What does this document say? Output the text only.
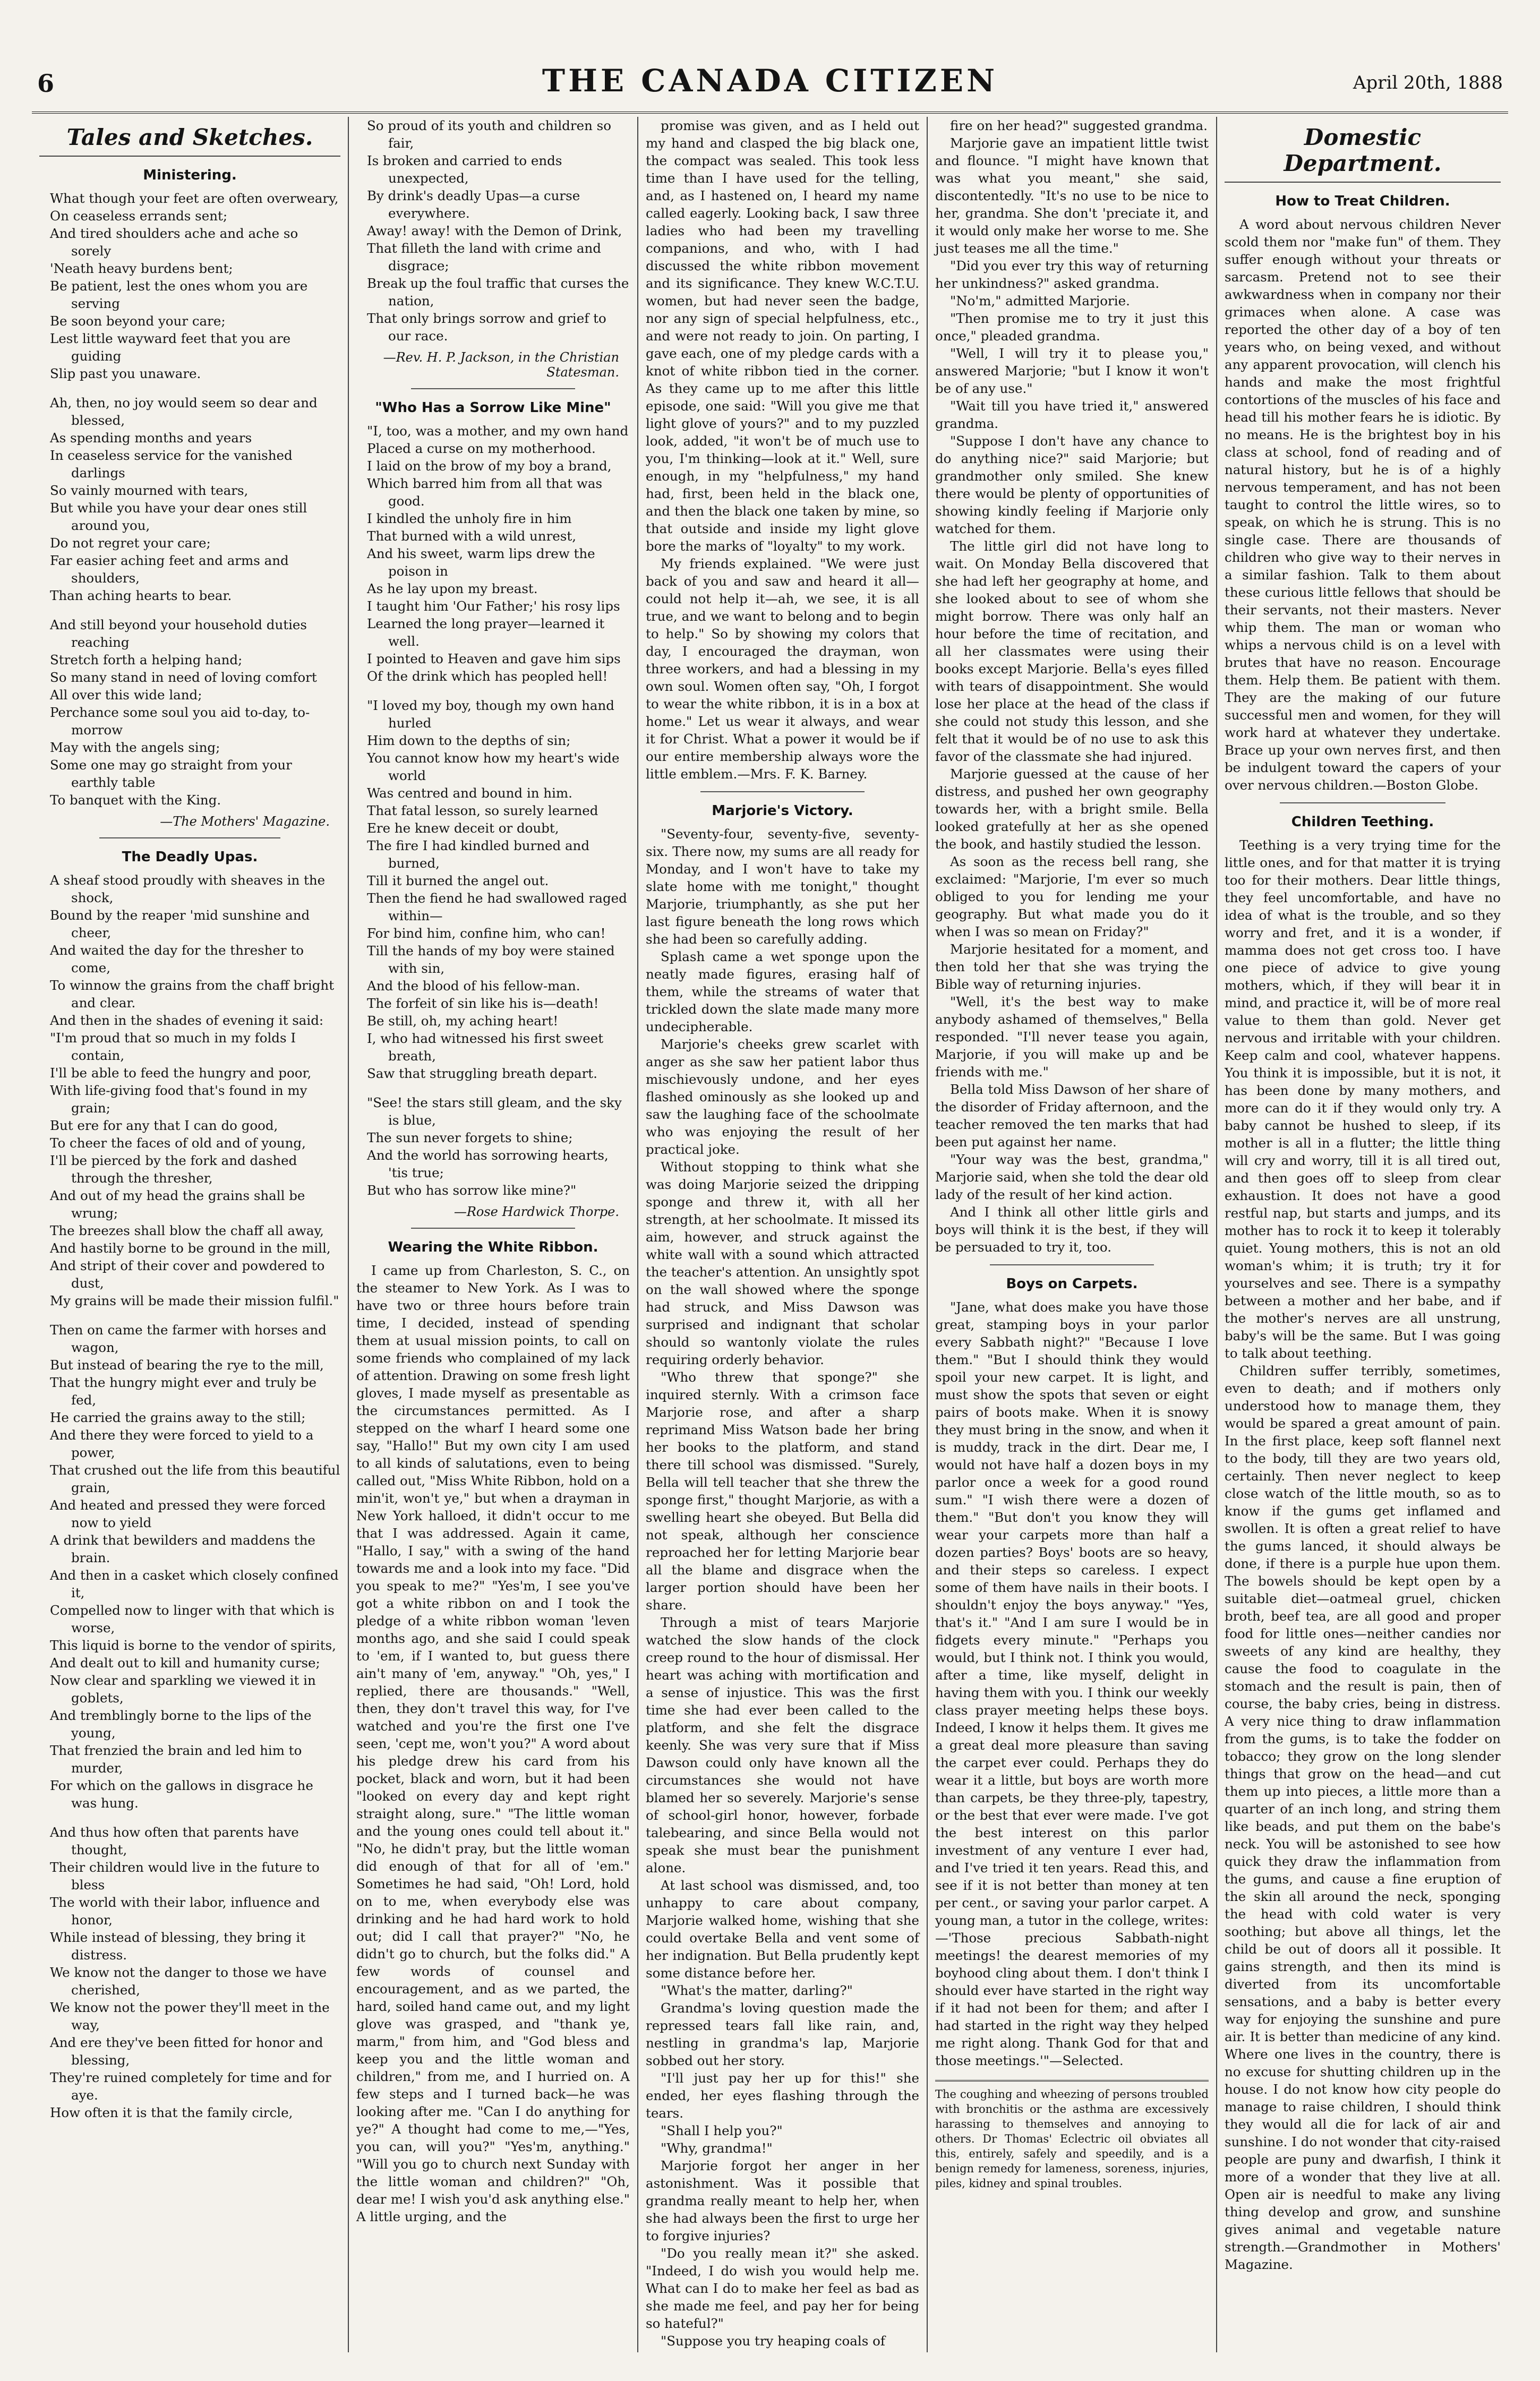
6	THE CANADA CITIZEN	April 20th, 1888
Tales and Sketches.
Ministering.
What though your feet are often overweary,
On ceaseless errands sent;
And tired shoulders ache and ache so sorely
'Neath heavy burdens bent;
Be patient, lest the ones whom you are serving
Be soon beyond your care;
Lest little wayward feet that you are guiding
Slip past you unaware.
Ah, then, no joy would seem so dear and blessed,
As spending months and years
In ceaseless service for the vanished darlings
So vainly mourned with tears,
But while you have your dear ones still around you,
Do not regret your care;
Far easier aching feet and arms and shoulders,
Than aching hearts to bear.
And still beyond your household duties reaching
Stretch forth a helping hand;
So many stand in need of loving comfort
All over this wide land;
Perchance some soul you aid to-day, to-morrow
May with the angels sing;
Some one may go straight from your earthly table
To banquet with the King.
—The Mothers' Magazine.
The Deadly Upas.
A sheaf stood proudly with sheaves in the shock,
Bound by the reaper 'mid sunshine and cheer,
And waited the day for the thresher to come,
To winnow the grains from the chaff bright and clear.
And then in the shades of evening it said:
"I'm proud that so much in my folds I contain,
I'll be able to feed the hungry and poor,
With life-giving food that's found in my grain;
But ere for any that I can do good,
To cheer the faces of old and of young,
I'll be pierced by the fork and dashed through the thresher,
And out of my head the grains shall be wrung;
The breezes shall blow the chaff all away,
And hastily borne to be ground in the mill,
And stript of their cover and powdered to dust,
My grains will be made their mission fulfil."
Then on came the farmer with horses and wagon,
But instead of bearing the rye to the mill,
That the hungry might ever and truly be fed,
He carried the grains away to the still;
And there they were forced to yield to a power,
That crushed out the life from this beautiful grain,
And heated and pressed they were forced now to yield
A drink that bewilders and maddens the brain.
And then in a casket which closely confined it,
Compelled now to linger with that which is worse,
This liquid is borne to the vendor of spirits,
And dealt out to kill and humanity curse;
Now clear and sparkling we viewed it in goblets,
And tremblingly borne to the lips of the young,
That frenzied the brain and led him to murder,
For which on the gallows in disgrace he was hung.
And thus how often that parents have thought,
Their children would live in the future to bless
The world with their labor, influence and honor,
While instead of blessing, they bring it distress.
We know not the danger to those we have cherished,
We know not the power they'll meet in the way,
And ere they've been fitted for honor and blessing,
They're ruined completely for time and for aye.
How often it is that the family circle,
So proud of its youth and children so fair,
Is broken and carried to ends unexpected,
By drink's deadly Upas—a curse everywhere.
Away! away! with the Demon of Drink,
That filleth the land with crime and disgrace;
Break up the foul traffic that curses the nation,
That only brings sorrow and grief to our race.
—Rev. H. P. Jackson, in the Christian Statesman.
"Who Has a Sorrow Like Mine"
"I, too, was a mother, and my own hand
Placed a curse on my motherhood.
I laid on the brow of my boy a brand,
Which barred him from all that was good.
I kindled the unholy fire in him
That burned with a wild unrest,
And his sweet, warm lips drew the poison in
As he lay upon my breast.
I taught him 'Our Father;' his rosy lips
Learned the long prayer—learned it well.
I pointed to Heaven and gave him sips
Of the drink which has peopled hell!
"I loved my boy, though my own hand hurled
Him down to the depths of sin;
You cannot know how my heart's wide world
Was centred and bound in him.
That fatal lesson, so surely learned
Ere he knew deceit or doubt,
The fire I had kindled burned and burned,
Till it burned the angel out.
Then the fiend he had swallowed raged within—
For bind him, confine him, who can!
Till the hands of my boy were stained with sin,
And the blood of his fellow-man.
The forfeit of sin like his is—death!
Be still, oh, my aching heart!
I, who had witnessed his first sweet breath,
Saw that struggling breath depart.
"See! the stars still gleam, and the sky is blue,
The sun never forgets to shine;
And the world has sorrowing hearts, 'tis true;
But who has sorrow like mine?"
—Rose Hardwick Thorpe.
Wearing the White Ribbon.

I came up from Charleston, S. C., on the steamer to New York. As I was to have two or three hours before train time, I decided, instead of spending them at usual mission points, to call on some friends who complained of my lack of attention. Drawing on some fresh light gloves, I made myself as presentable as the circumstances permitted. As I stepped on the wharf I heard some one say, "Hallo!" But my own city I am used to all kinds of salutations, even to being called out, "Miss White Ribbon, hold on a min'it, won't ye," but when a drayman in New York halloed, it didn't occur to me that I was addressed. Again it came, "Hallo, I say," with a swing of the hand towards me and a look into my face. "Did you speak to me?" "Yes'm, I see you've got a white ribbon on and I took the pledge of a white ribbon woman 'leven months ago, and she said I could speak to 'em, if I wanted to, but guess there ain't many of 'em, anyway." "Oh, yes," I replied, there are thousands." "Well, then, they don't travel this way, for I've watched and you're the first one I've seen, 'cept me, won't you?" A word about his pledge drew his card from his pocket, black and worn, but it had been "looked on every day and kept right straight along, sure." "The little woman and the young ones could tell about it." "No, he didn't pray, but the little woman did enough of that for all of 'em." Sometimes he had said, "Oh! Lord, hold on to me, when everybody else was drinking and he had hard work to hold out; did I call that prayer?" "No, he didn't go to church, but the folks did." A few words of counsel and encouragement, and as we parted, the hard, soiled hand came out, and my light glove was grasped, and "thank ye, marm," from him, and "God bless and keep you and the little woman and children," from me, and I hurried on. A few steps and I turned back—he was looking after me. "Can I do anything for ye?" A thought had come to me,—"Yes, you can, will you?" "Yes'm, anything." "Will you go to church next Sunday with the little woman and children?" "Oh, dear me! I wish you'd ask anything else." A little urging, and the

promise was given, and as I held out my hand and clasped the big black one, the compact was sealed. This took less time than I have used for the telling, and, as I hastened on, I heard my name called eagerly. Looking back, I saw three ladies who had been my travelling companions, and who, with I had discussed the white ribbon movement and its significance. They knew W.C.T.U. women, but had never seen the badge, nor any sign of special helpfulness, etc., and were not ready to join. On parting, I gave each, one of my pledge cards with a knot of white ribbon tied in the corner. As they came up to me after this little episode, one said: "Will you give me that light glove of yours?" and to my puzzled look, added, "it won't be of much use to you, I'm thinking—look at it." Well, sure enough, in my "helpfulness," my hand had, first, been held in the black one, and then the black one taken by mine, so that outside and inside my light glove bore the marks of "loyalty" to my work.

My friends explained. "We were just back of you and saw and heard it all—could not help it—ah, we see, it is all true, and we want to belong and to begin to help." So by showing my colors that day, I encouraged the drayman, won three workers, and had a blessing in my own soul. Women often say, "Oh, I forgot to wear the white ribbon, it is in a box at home." Let us wear it always, and wear it for Christ. What a power it would be if our entire membership always wore the little emblem.—Mrs. F. K. Barney.

Marjorie's Victory.

"Seventy-four, seventy-five, seventy-six. There now, my sums are all ready for Monday, and I won't have to take my slate home with me tonight," thought Marjorie, triumphantly, as she put her last figure beneath the long rows which she had been so carefully adding.

Splash came a wet sponge upon the neatly made figures, erasing half of them, while the streams of water that trickled down the slate made many more undecipherable.

Marjorie's cheeks grew scarlet with anger as she saw her patient labor thus mischievously undone, and her eyes flashed ominously as she looked up and saw the laughing face of the schoolmate who was enjoying the result of her practical joke.

Without stopping to think what she was doing Marjorie seized the dripping sponge and threw it, with all her strength, at her schoolmate. It missed its aim, however, and struck against the white wall with a sound which attracted the teacher's attention. An unsightly spot on the wall showed where the sponge had struck, and Miss Dawson was surprised and indignant that scholar should so wantonly violate the rules requiring orderly behavior.

"Who threw that sponge?" she inquired sternly. With a crimson face Marjorie rose, and after a sharp reprimand Miss Watson bade her bring her books to the platform, and stand there till school was dismissed. "Surely, Bella will tell teacher that she threw the sponge first," thought Marjorie, as with a swelling heart she obeyed. But Bella did not speak, although her conscience reproached her for letting Marjorie bear all the blame and disgrace when the larger portion should have been her share.

Through a mist of tears Marjorie watched the slow hands of the clock creep round to the hour of dismissal. Her heart was aching with mortification and a sense of injustice. This was the first time she had ever been called to the platform, and she felt the disgrace keenly. She was very sure that if Miss Dawson could only have known all the circumstances she would not have blamed her so severely. Marjorie's sense of school-girl honor, however, forbade talebearing, and since Bella would not speak she must bear the punishment alone.

At last school was dismissed, and, too unhappy to care about company, Marjorie walked home, wishing that she could overtake Bella and vent some of her indignation. But Bella prudently kept some distance before her.

"What's the matter, darling?"

Grandma's loving question made the repressed tears fall like rain, and, nestling in grandma's lap, Marjorie sobbed out her story.

"I'll just pay her up for this!" she ended, her eyes flashing through the tears.

"Shall I help you?"

"Why, grandma!"

Marjorie forgot her anger in her astonishment. Was it possible that grandma really meant to help her, when she had always been the first to urge her to forgive injuries?

"Do you really mean it?" she asked. "Indeed, I do wish you would help me. What can I do to make her feel as bad as she made me feel, and pay her for being so hateful?"

"Suppose you try heaping coals of

fire on her head?" suggested grandma.

Marjorie gave an impatient little twist and flounce. "I might have known that was what you meant," she said, discontentedly. "It's no use to be nice to her, grandma. She don't 'preciate it, and it would only make her worse to me. She just teases me all the time."

"Did you ever try this way of returning her unkindness?" asked grandma.

"No'm," admitted Marjorie.

"Then promise me to try it just this once," pleaded grandma.

"Well, I will try it to please you," answered Marjorie; "but I know it won't be of any use."

"Wait till you have tried it," answered grandma.

"Suppose I don't have any chance to do anything nice?" said Marjorie; but grandmother only smiled. She knew there would be plenty of opportunities of showing kindly feeling if Marjorie only watched for them.

The little girl did not have long to wait. On Monday Bella discovered that she had left her geography at home, and she looked about to see of whom she might borrow. There was only half an hour before the time of recitation, and all her classmates were using their books except Marjorie. Bella's eyes filled with tears of disappointment. She would lose her place at the head of the class if she could not study this lesson, and she felt that it would be of no use to ask this favor of the classmate she had injured.

Marjorie guessed at the cause of her distress, and pushed her own geography towards her, with a bright smile. Bella looked gratefully at her as she opened the book, and hastily studied the lesson.

As soon as the recess bell rang, she exclaimed: "Marjorie, I'm ever so much obliged to you for lending me your geography. But what made you do it when I was so mean on Friday?"

Marjorie hesitated for a moment, and then told her that she was trying the Bible way of returning injuries.

"Well, it's the best way to make anybody ashamed of themselves," Bella responded. "I'll never tease you again, Marjorie, if you will make up and be friends with me."

Bella told Miss Dawson of her share of the disorder of Friday afternoon, and the teacher removed the ten marks that had been put against her name.

"Your way was the best, grandma," Marjorie said, when she told the dear old lady of the result of her kind action.

And I think all other little girls and boys will think it is the best, if they will be persuaded to try it, too.

Boys on Carpets.

"Jane, what does make you have those great, stamping boys in your parlor every Sabbath night?" "Because I love them." "But I should think they would spoil your new carpet. It is light, and must show the spots that seven or eight pairs of boots make. When it is snowy they must bring in the snow, and when it is muddy, track in the dirt. Dear me, I would not have half a dozen boys in my parlor once a week for a good round sum." "I wish there were a dozen of them." "But don't you know they will wear your carpets more than half a dozen parties? Boys' boots are so heavy, and their steps so careless. I expect some of them have nails in their boots. I shouldn't enjoy the boys anyway." "Yes, that's it." "And I am sure I would be in fidgets every minute." "Perhaps you would, but I think not. I think you would, after a time, like myself, delight in having them with you. I think our weekly class prayer meeting helps these boys. Indeed, I know it helps them. It gives me a great deal more pleasure than saving the carpet ever could. Perhaps they do wear it a little, but boys are worth more than carpets, be they three-ply, tapestry, or the best that ever were made. I've got the best interest on this parlor investment of any venture I ever had, and I've tried it ten years. Read this, and see if it is not better than money at ten per cent., or saving your parlor carpet. A young man, a tutor in the college, writes:—'Those precious Sabbath-night meetings! the dearest memories of my boyhood cling about them. I don't think I should ever have started in the right way if it had not been for them; and after I had started in the right way they helped me right along. Thank God for that and those meetings.'"—Selected.

The coughing and wheezing of persons troubled with bronchitis or the asthma are excessively harassing to themselves and annoying to others. Dr Thomas' Eclectric oil obviates all this, entirely, safely and speedily, and is a benign remedy for lameness, soreness, injuries, piles, kidney and spinal troubles.
Domestic Department.
How to Treat Children.

A word about nervous children Never scold them nor "make fun" of them. They suffer enough without your threats or sarcasm. Pretend not to see their awkwardness when in company nor their grimaces when alone. A case was reported the other day of a boy of ten years who, on being vexed, and without any apparent provocation, will clench his hands and make the most frightful contortions of the muscles of his face and head till his mother fears he is idiotic. By no means. He is the brightest boy in his class at school, fond of reading and of natural history, but he is of a highly nervous temperament, and has not been taught to control the little wires, so to speak, on which he is strung. This is no single case. There are thousands of children who give way to their nerves in a similar fashion. Talk to them about these curious little fellows that should be their servants, not their masters. Never whip them. The man or woman who whips a nervous child is on a level with brutes that have no reason. Encourage them. Help them. Be patient with them. They are the making of our future successful men and women, for they will work hard at whatever they undertake. Brace up your own nerves first, and then be indulgent toward the capers of your over nervous children.—Boston Globe.

Children Teething.

Teething is a very trying time for the little ones, and for that matter it is trying too for their mothers. Dear little things, they feel uncomfortable, and have no idea of what is the trouble, and so they worry and fret, and it is a wonder, if mamma does not get cross too. I have one piece of advice to give young mothers, which, if they will bear it in mind, and practice it, will be of more real value to them than gold. Never get nervous and irritable with your children. Keep calm and cool, whatever happens. You think it is impossible, but it is not, it has been done by many mothers, and more can do it if they would only try. A baby cannot be hushed to sleep, if its mother is all in a flutter; the little thing will cry and worry, till it is all tired out, and then goes off to sleep from clear exhaustion. It does not have a good restful nap, but starts and jumps, and its mother has to rock it to keep it tolerably quiet. Young mothers, this is not an old woman's whim; it is truth; try it for yourselves and see. There is a sympathy between a mother and her babe, and if the mother's nerves are all unstrung, baby's will be the same. But I was going to talk about teething.

Children suffer terribly, sometimes, even to death; and if mothers only understood how to manage them, they would be spared a great amount of pain. In the first place, keep soft flannel next to the body, till they are two years old, certainly. Then never neglect to keep close watch of the little mouth, so as to know if the gums get inflamed and swollen. It is often a great relief to have the gums lanced, it should always be done, if there is a purple hue upon them. The bowels should be kept open by a suitable diet—oatmeal gruel, chicken broth, beef tea, are all good and proper food for little ones—neither candies nor sweets of any kind are healthy, they cause the food to coagulate in the stomach and the result is pain, then of course, the baby cries, being in distress. A very nice thing to draw inflammation from the gums, is to take the fodder on tobacco; they grow on the long slender things that grow on the head—and cut them up into pieces, a little more than a quarter of an inch long, and string them like beads, and put them on the babe's neck. You will be astonished to see how quick they draw the inflammation from the gums, and cause a fine eruption of the skin all around the neck, sponging the head with cold water is very soothing; but above all things, let the child be out of doors all it possible. It gains strength, and then its mind is diverted from its uncomfortable sensations, and a baby is better every way for enjoying the sunshine and pure air. It is better than medicine of any kind. Where one lives in the country, there is no excuse for shutting children up in the house. I do not know how city people do manage to raise children, I should think they would all die for lack of air and sunshine. I do not wonder that city-raised people are puny and dwarfish, I think it more of a wonder that they live at all. Open air is needful to make any living thing develop and grow, and sunshine gives animal and vegetable nature strength.—Grandmother in Mothers' Magazine.
